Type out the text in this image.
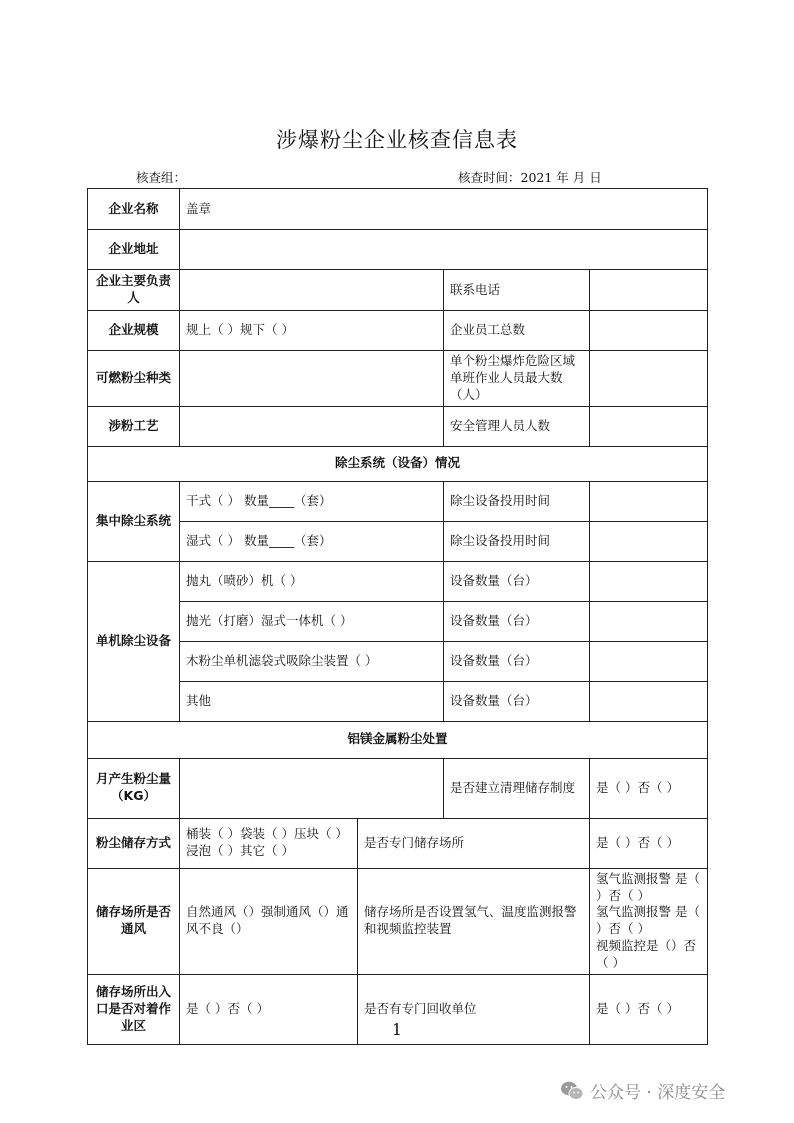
涉爆粉尘企业核查信息表
核查组：	核查时间：2021 年 月 日
企业名称	盖章			
企业地址				
企业主要负责人			联系电话	
企业规模	规上（ ）规下（ ）		企业员工总数	
可燃粉尘种类			单个粉尘爆炸危险区域单班作业人员最大数（人）	
涉粉工艺			安全管理人员人数	
除尘系统（设备）情况				
集中除尘系统	干式（ ） 数量____（套）		除尘设备投用时间	
	湿式（ ） 数量____（套）		除尘设备投用时间	
单机除尘设备	抛丸（喷砂）机（ ）		设备数量（台）	
	抛光（打磨）湿式一体机（ ）		设备数量（台）	
	木粉尘单机滤袋式吸除尘装置（ ）		设备数量（台）	
	其他		设备数量（台）	
铝镁金属粉尘处置				
月产生粉尘量（KG）			是否建立清理储存制度	是（ ）否（ ）
粉尘储存方式	桶装（ ）袋装（ ）压块（ ）浸泡（ ）其它（ ）	是否专门储存场所		是（ ）否（ ）
储存场所是否通风	自然通风（）强制通风（）通风不良（）	储存场所是否设置氢气、温度监测报警和视频监控装置		氢气监测报警 是（ ）否（ ）
氢气监测报警 是（ ）否（ ）
视频监控是（）否（ ）

储存场所出入口是否对着作业区	是（ ）否（ ）	是否有专门回收单位		是（ ）否（ ）
1
公众号 · 深度安全
